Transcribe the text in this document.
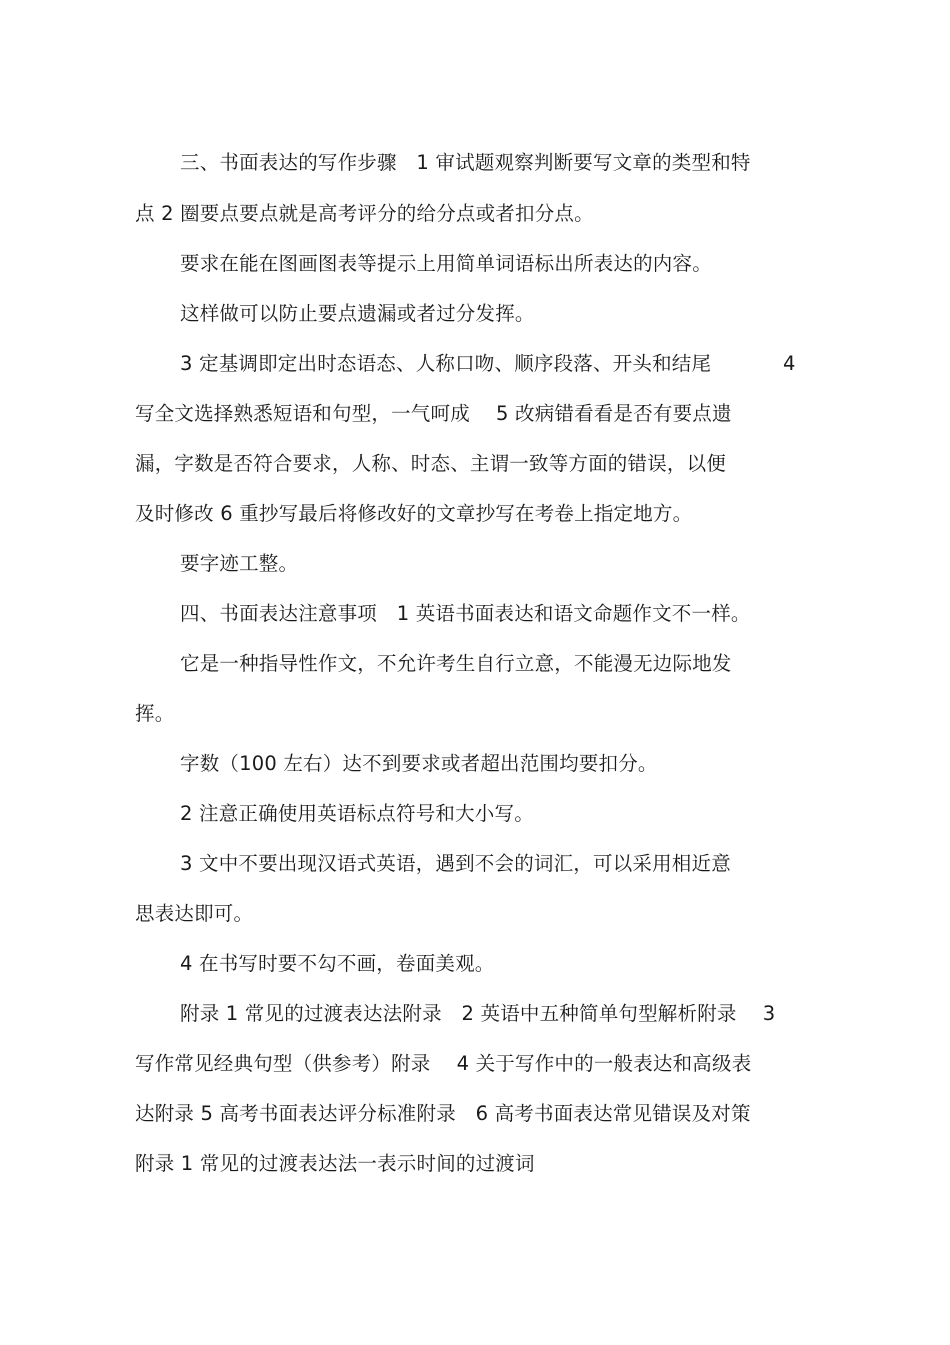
三、书面表达的写作步骤　1 审试题观察判断要写文章的类型和特
点 2 圈要点要点就是高考评分的给分点或者扣分点。
要求在能在图画图表等提示上用简单词语标出所表达的内容。
这样做可以防止要点遗漏或者过分发挥。
3 定基调即定出时态语态、人称口吻、顺序段落、开头和结尾	4
写全文选择熟悉短语和句型，一气呵成　 5 改病错看看是否有要点遗
漏，字数是否符合要求，人称、时态、主谓一致等方面的错误，以便
及时修改 6 重抄写最后将修改好的文章抄写在考卷上指定地方。
要字迹工整。
四、书面表达注意事项　1 英语书面表达和语文命题作文不一样。
它是一种指导性作文，不允许考生自行立意，不能漫无边际地发
挥。
字数（100 左右）达不到要求或者超出范围均要扣分。
2 注意正确使用英语标点符号和大小写。
3 文中不要出现汉语式英语，遇到不会的词汇，可以采用相近意
思表达即可。
4 在书写时要不勾不画，卷面美观。
附录 1 常见的过渡表达法附录　2 英语中五种简单句型解析附录　 3
写作常见经典句型（供参考）附录　 4 关于写作中的一般表达和高级表
达附录 5 高考书面表达评分标准附录　6 高考书面表达常见错误及对策
附录 1 常见的过渡表达法一表示时间的过渡词
